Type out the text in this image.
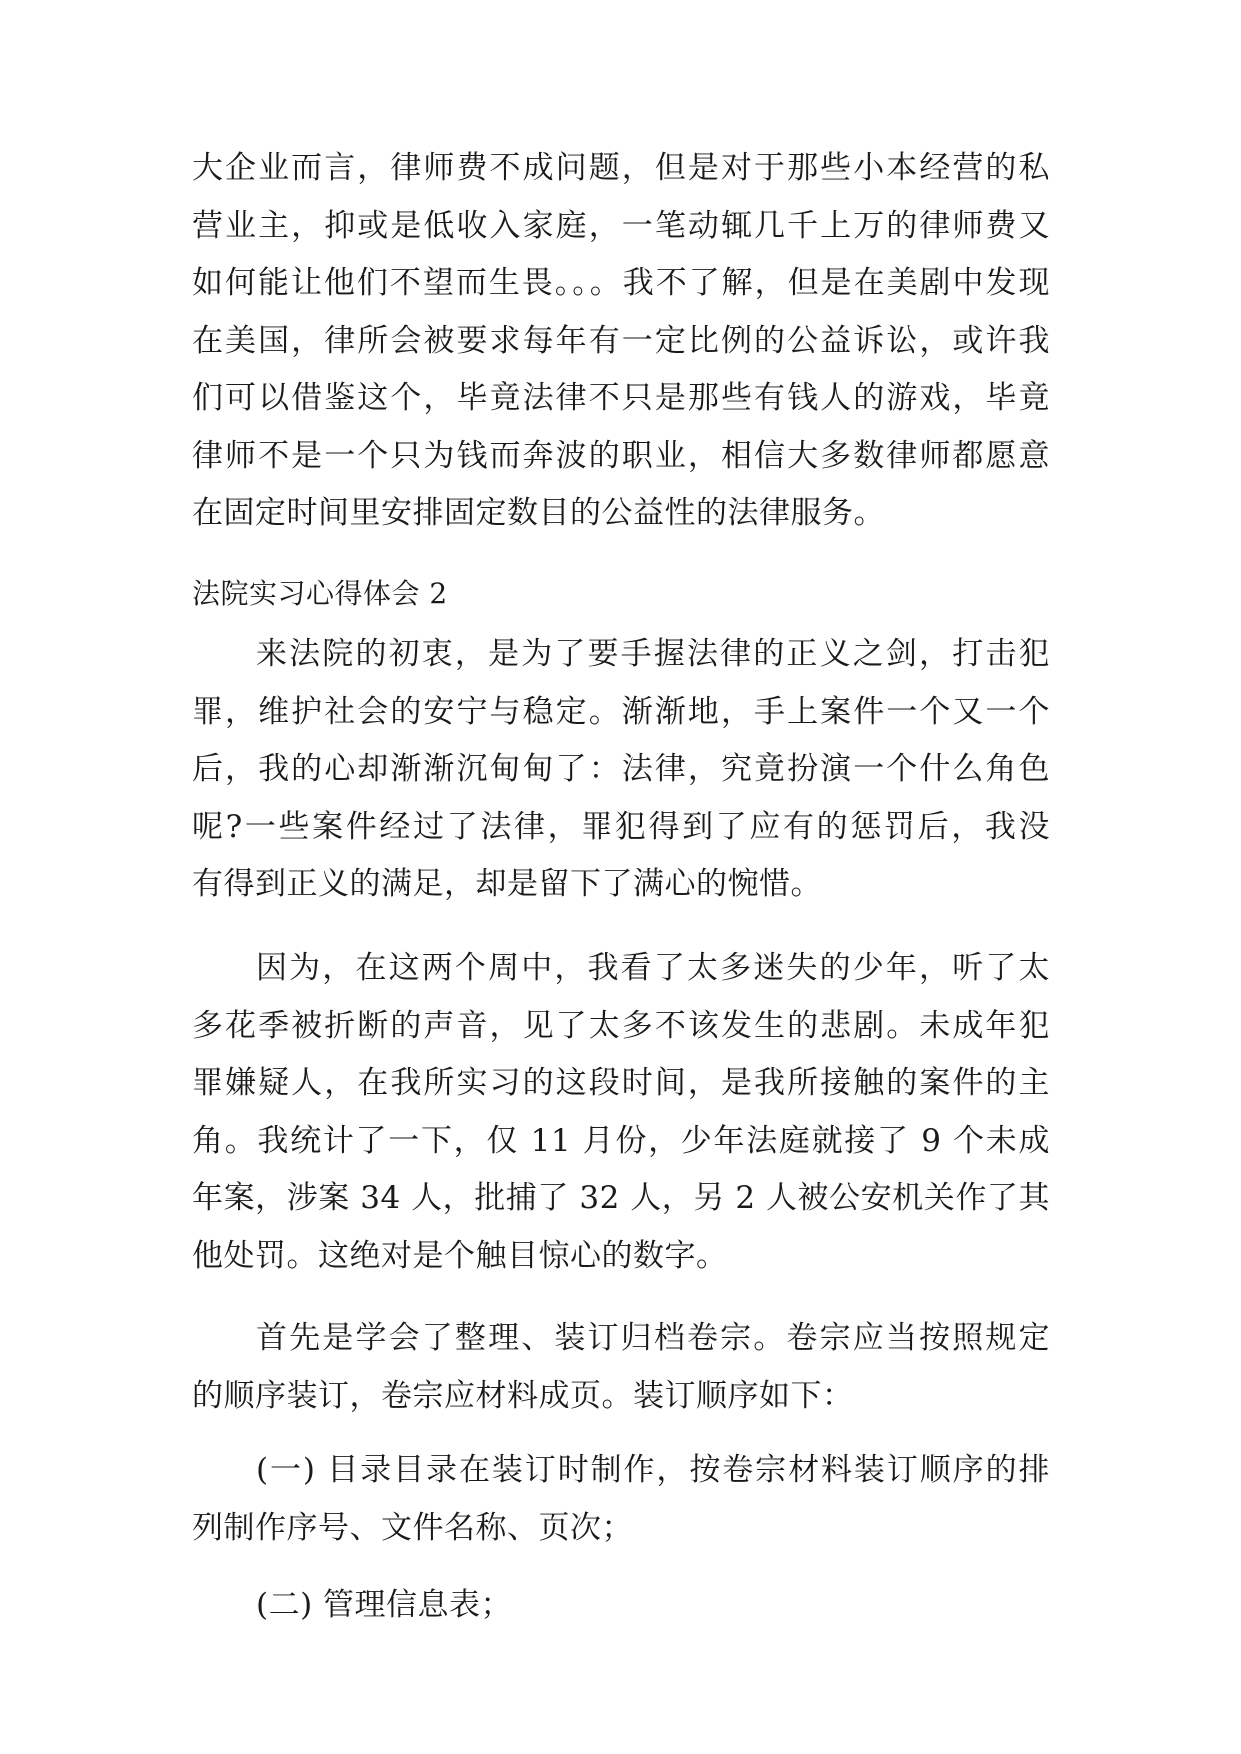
大企业而言，律师费不成问题，但是对于那些小本经营的私
营业主，抑或是低收入家庭，一笔动辄几千上万的律师费又
如何能让他们不望而生畏。。。我不了解，但是在美剧中发现
在美国，律所会被要求每年有一定比例的公益诉讼，或许我
们可以借鉴这个，毕竟法律不只是那些有钱人的游戏，毕竟
律师不是一个只为钱而奔波的职业，相信大多数律师都愿意
在固定时间里安排固定数目的公益性的法律服务。
法院实习心得体会 2
来法院的初衷，是为了要手握法律的正义之剑，打击犯
罪，维护社会的安宁与稳定。渐渐地，手上案件一个又一个
后，我的心却渐渐沉甸甸了：法律，究竟扮演一个什么角色
呢?一些案件经过了法律，罪犯得到了应有的惩罚后，我没
有得到正义的满足，却是留下了满心的惋惜。
因为，在这两个周中，我看了太多迷失的少年，听了太
多花季被折断的声音，见了太多不该发生的悲剧。未成年犯
罪嫌疑人，在我所实习的这段时间，是我所接触的案件的主
角。我统计了一下，仅 11 月份，少年法庭就接了 9 个未成
年案，涉案 34 人，批捕了 32 人，另 2 人被公安机关作了其
他处罚。这绝对是个触目惊心的数字。
首先是学会了整理、装订归档卷宗。卷宗应当按照规定
的顺序装订，卷宗应材料成页。装订顺序如下：
(一) 目录目录在装订时制作，按卷宗材料装订顺序的排
列制作序号、文件名称、页次；
(二) 管理信息表；
